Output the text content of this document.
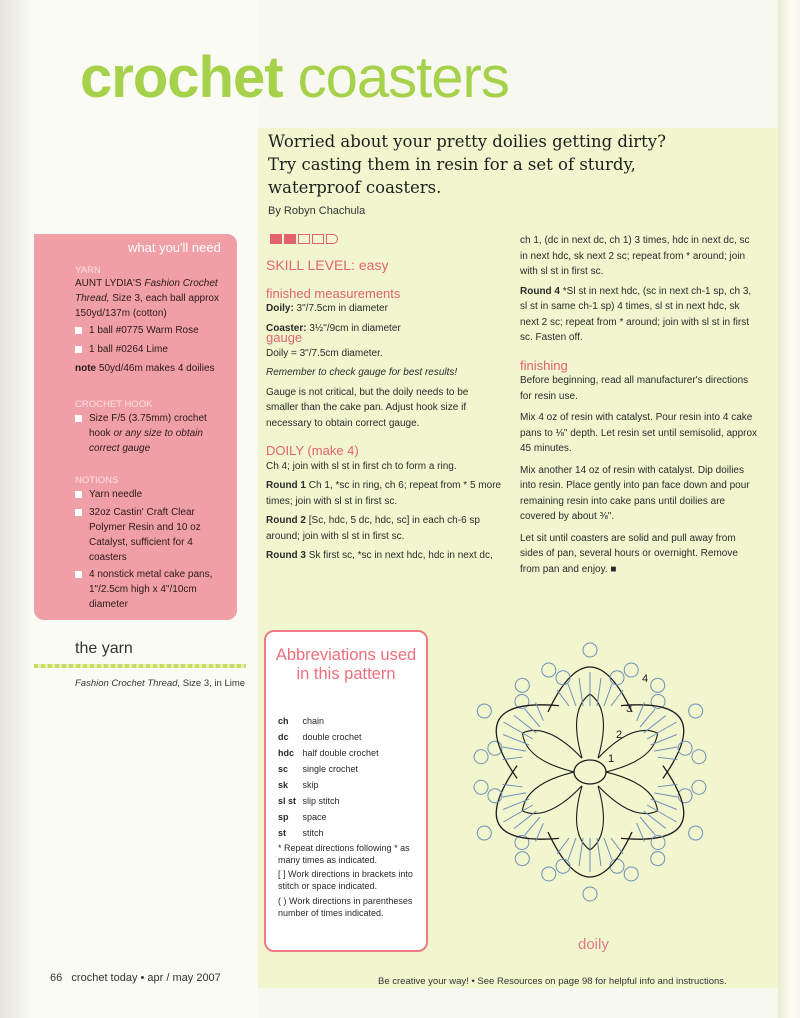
crochet coasters

Worried about your pretty doilies getting dirty? Try casting them in resin for a set of sturdy, waterproof coasters.

By Robyn Chachula
what you'll need
YARN
AUNT LYDIA'S Fashion Crochet Thread, Size 3, each ball approx 150yd/137m (cotton)
1 ball #0775 Warm Rose
1 ball #0264 Lime
note 50yd/46m makes 4 doilies
CROCHET HOOK
Size F/5 (3.75mm) crochet hook or any size to obtain correct gauge
NOTIONS
Yarn needle
32oz Castin' Craft Clear Polymer Resin and 10 oz Catalyst, sufficient for 4 coasters
4 nonstick metal cake pans, 1"/2.5cm high x 4"/10cm diameter
the yarn
Fashion Crochet Thread, Size 3, in Lime
SKILL LEVEL: easy
finished measurements
Doily: 3"/7.5cm in diameter
Coaster: 3½"/9cm in diameter
gauge
Doily = 3"/7.5cm diameter.
Remember to check gauge for best results!
Gauge is not critical, but the doily needs to be smaller than the cake pan. Adjust hook size if necessary to obtain correct gauge.
DOILY (make 4)
Ch 4; join with sl st in first ch to form a ring.
Round 1 Ch 1, *sc in ring, ch 6; repeat from * 5 more times; join with sl st in first sc.
Round 2 [Sc, hdc, 5 dc, hdc, sc] in each ch-6 sp around; join with sl st in first sc.
Round 3 Sk first sc, *sc in next hdc, hdc in next dc,
ch 1, (dc in next dc, ch 1) 3 times, hdc in next dc, sc in next hdc, sk next 2 sc; repeat from * around; join with sl st in first sc.
Round 4 *Sl st in next hdc, (sc in next ch-1 sp, ch 3, sl st in same ch-1 sp) 4 times, sl st in next hdc, sk next 2 sc; repeat from * around; join with sl st in first sc. Fasten off.
finishing
Before beginning, read all manufacturer's directions for resin use.
Mix 4 oz of resin with catalyst. Pour resin into 4 cake pans to ⅛" depth. Let resin set until semisolid, approx 45 minutes.
Mix another 14 oz of resin with catalyst. Dip doilies into resin. Place gently into pan face down and pour remaining resin into cake pans until doilies are covered by about ⅜".
Let sit until coasters are solid and pull away from sides of pan, several hours or overnight. Remove from pan and enjoy. ■
Abbreviations used in this pattern
ch chain
dc double crochet
hdc half double crochet
sc single crochet
sk skip
sl st slip stitch
sp space
st stitch
* Repeat directions following * as many times as indicated.
[ ] Work directions in brackets into stitch or space indicated.
( ) Work directions in parentheses number of times indicated.
1
2
3
4
doily
66 crochet today • apr / may 2007	Be creative your way! • See Resources on page 98 for helpful info and instructions.
